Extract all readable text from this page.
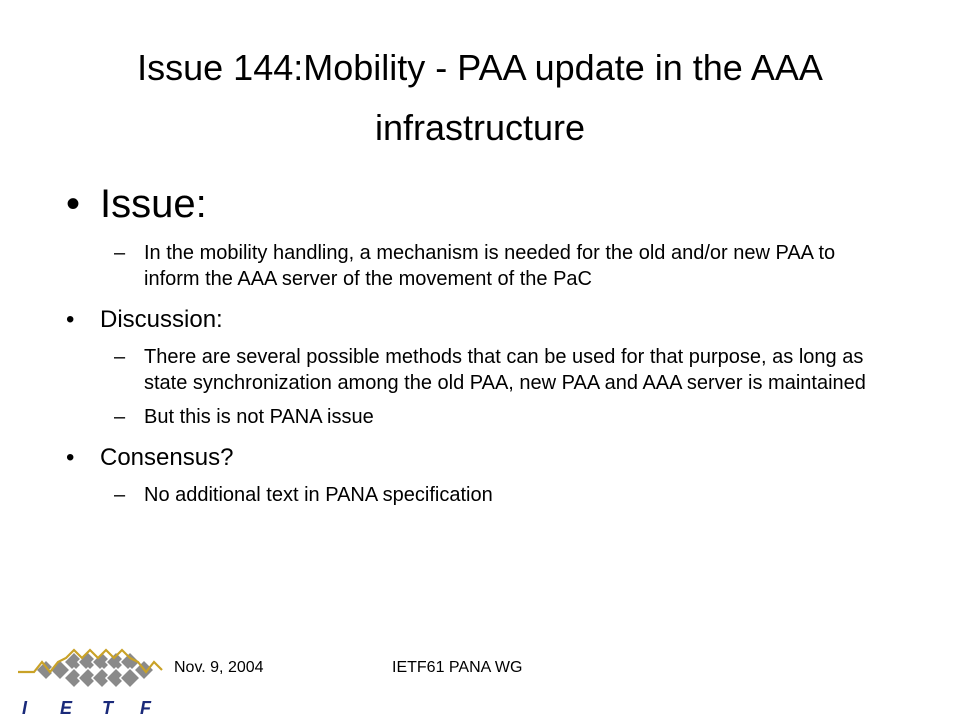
Issue 144:Mobility - PAA update in the AAA infrastructure
• Issue:
– In the mobility handling, a mechanism is needed for the old and/or new PAA to inform the AAA server of the movement of the PaC
• Discussion:
– There are several possible methods that can be used for that purpose, as long as state synchronization among the old PAA, new PAA and AAA server is maintained
– But this is not PANA issue
• Consensus?
– No additional text in PANA specification
I E T F
Nov. 9, 2004	IETF61 PANA WG
